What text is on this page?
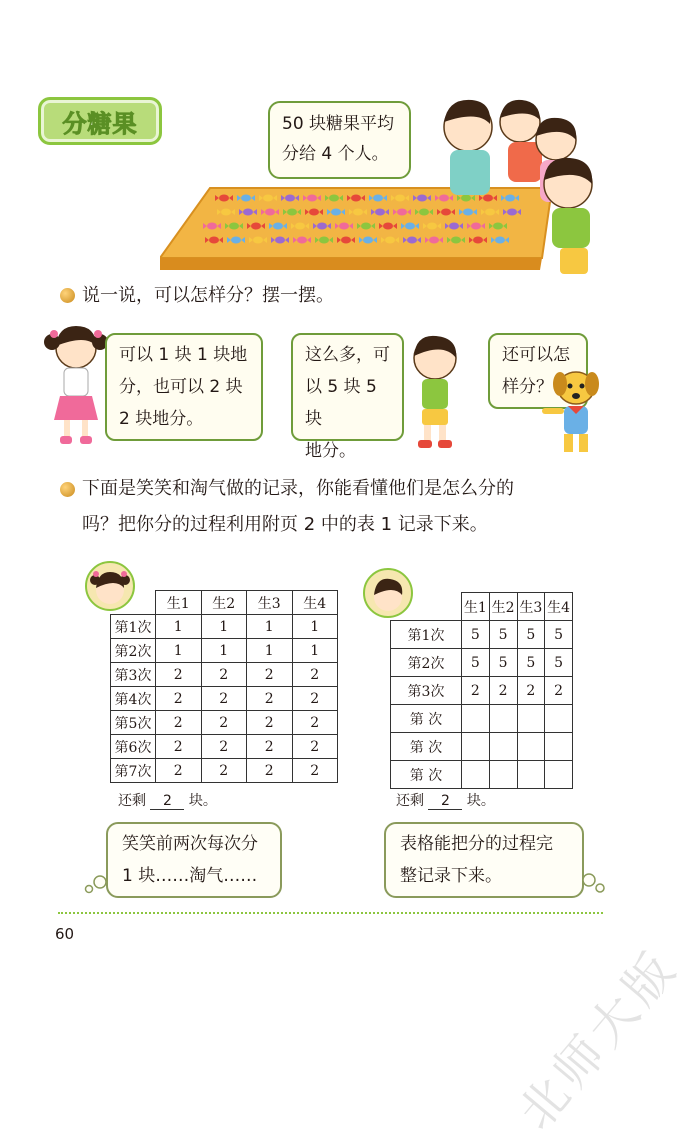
分糖果	50 块糖果平均
分给 4 个人。
说一说，可以怎样分？摆一摆。
可以 1 块 1 块地
分，也可以 2 块
2 块地分。
这么多，可
以 5 块 5 块
地分。
还可以怎
样分？
下面是笑笑和淘气做的记录，你能看懂他们是怎么分的
吗？把你分的过程利用附页 2 中的表 1 记录下来。
	生1	生2	生3	生4
第1次	1	1	1	1
第2次	1	1	1	1
第3次	2	2	2	2
第4次	2	2	2	2
第5次	2	2	2	2
第6次	2	2	2	2
第7次	2	2	2	2
还剩 2 块。
	生1	生2	生3	生4
第1次	5	5	5	5
第2次	5	5	5	5
第3次	2	2	2	2
第 次				
第 次				
第 次				
还剩 2 块。
笑笑前两次每次分
1 块……淘气……
表格能把分的过程完
整记录下来。
60
北师大版
